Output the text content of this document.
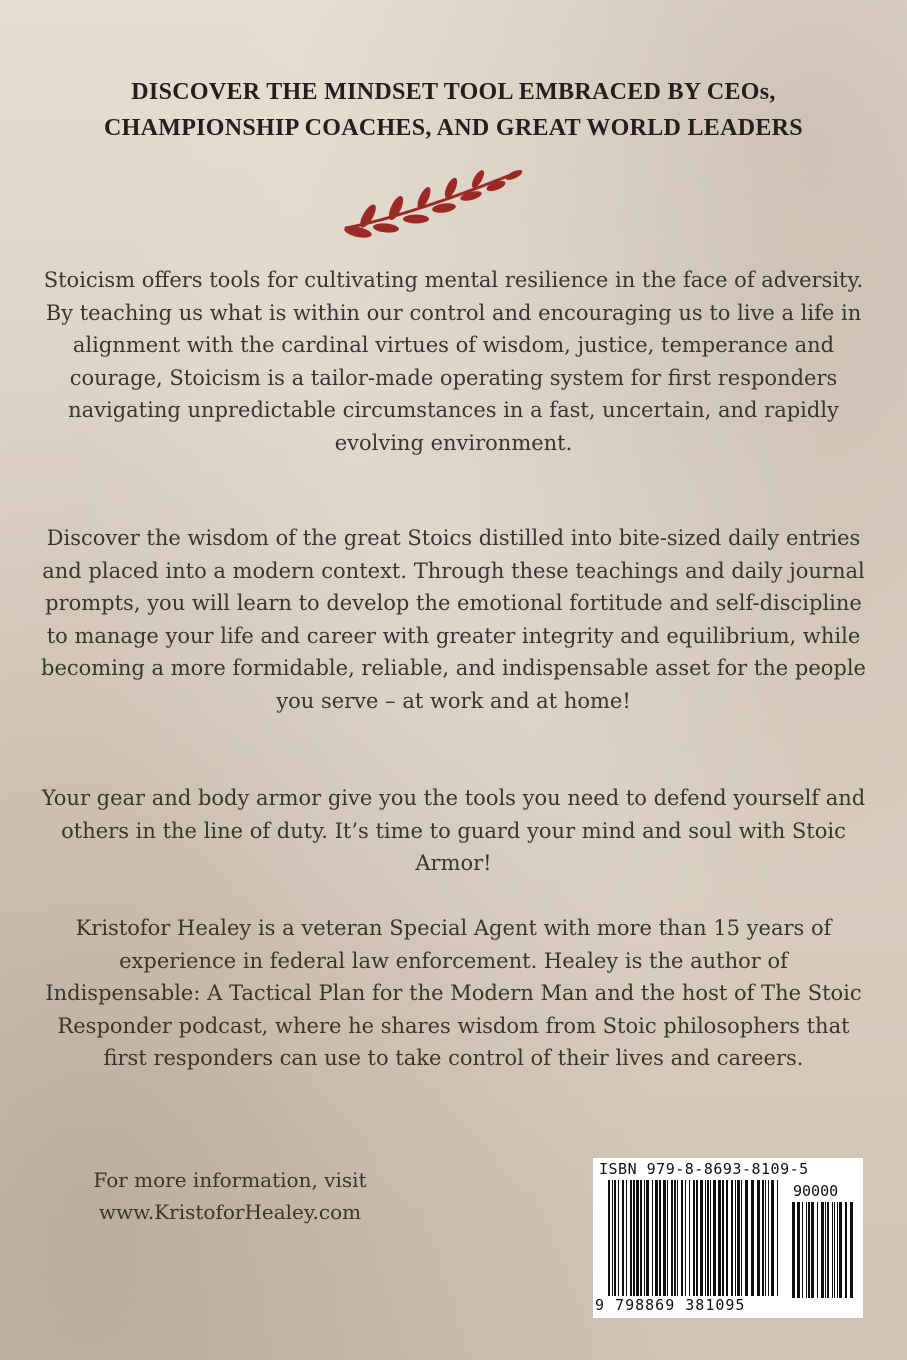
DISCOVER THE MINDSET TOOL EMBRACED BY CEOs,
CHAMPIONSHIP COACHES, AND GREAT WORLD LEADERS

Stoicism offers tools for cultivating mental resilience in the face of adversity. By teaching us what is within our control and encouraging us to live a life in alignment with the cardinal virtues of wisdom, justice, temperance and courage, Stoicism is a tailor-made operating system for first responders navigating unpredictable circumstances in a fast, uncertain, and rapidly evolving environment.

Discover the wisdom of the great Stoics distilled into bite-sized daily entries and placed into a modern context. Through these teachings and daily journal prompts, you will learn to develop the emotional fortitude and self-discipline to manage your life and career with greater integrity and equilibrium, while becoming a more formidable, reliable, and indispensable asset for the people you serve – at work and at home!

Your gear and body armor give you the tools you need to defend yourself and others in the line of duty. It’s time to guard your mind and soul with Stoic Armor!

Kristofor Healey is a veteran Special Agent with more than 15 years of experience in federal law enforcement. Healey is the author of Indispensable: A Tactical Plan for the Modern Man and the host of The Stoic Responder podcast, where he shares wisdom from Stoic philosophers that first responders can use to take control of their lives and careers.

For more information, visit
www.KristoforHealey.com
ISBN 979-8-8693-8109-5
90000
9 798869 381095
